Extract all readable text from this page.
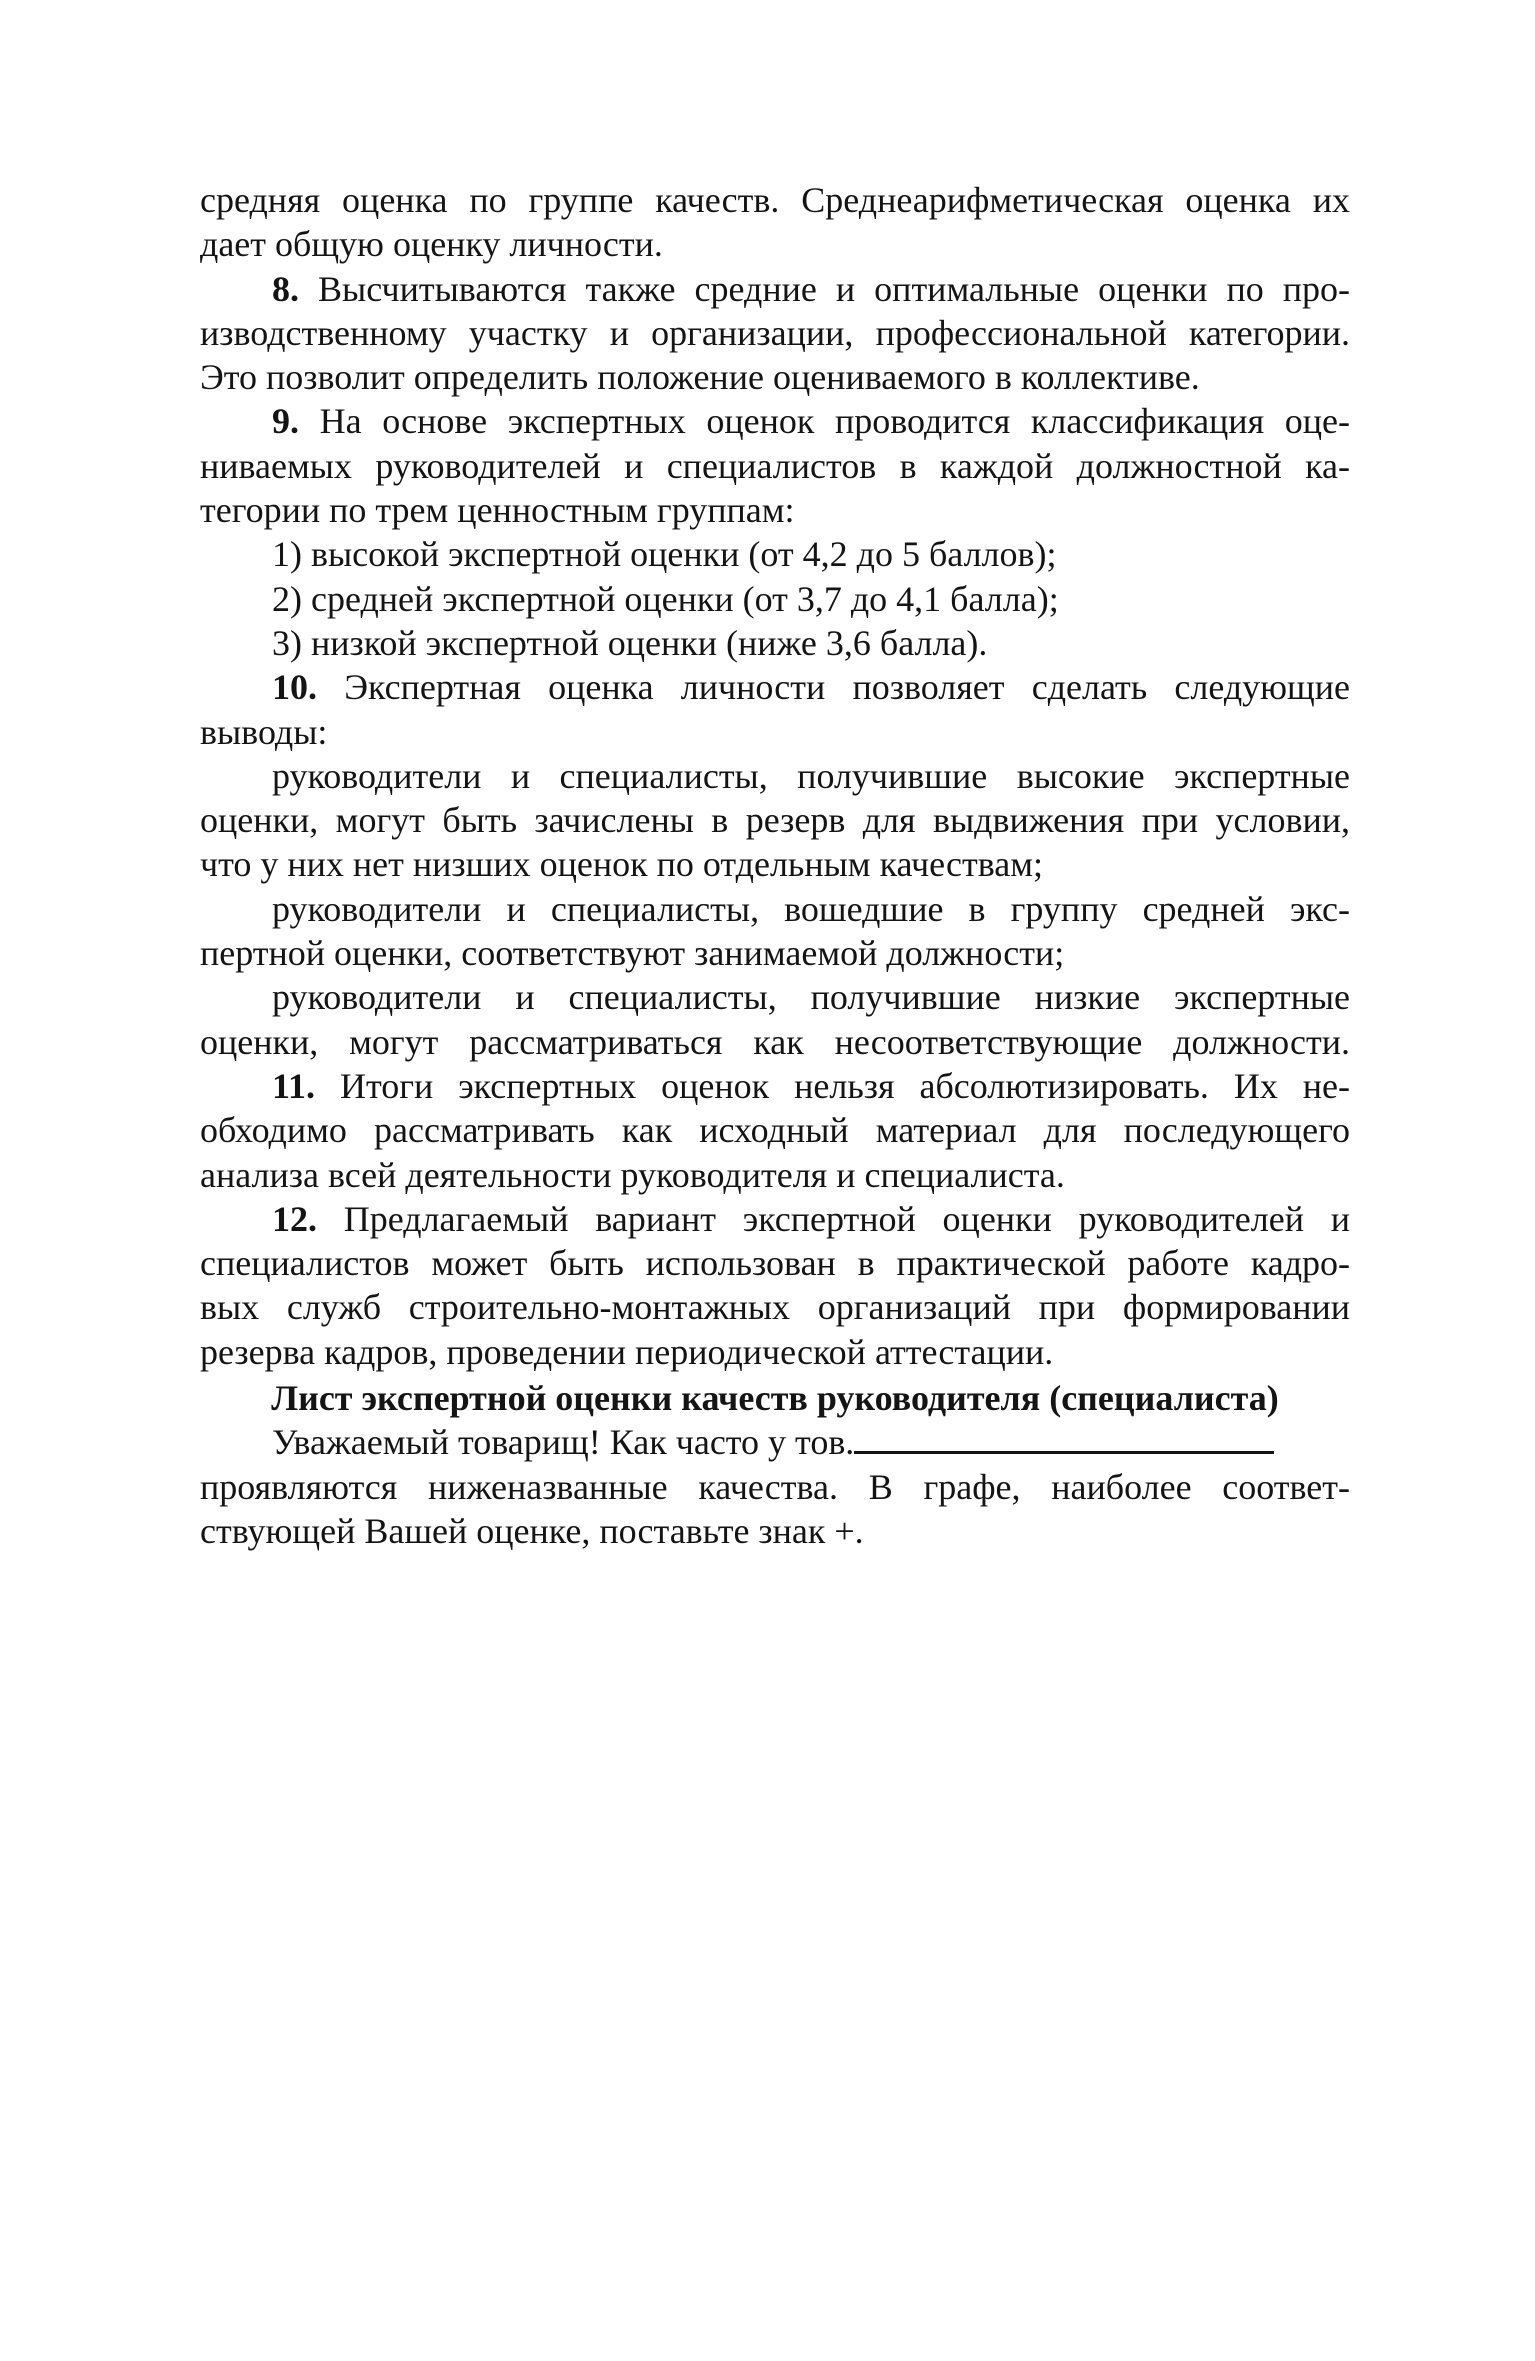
средняя оценка по группе качеств. Среднеарифметическая оценка их

дает общую оценку личности.

8. Высчитываются также средние и оптимальные оценки по про-

изводственному участку и организации, профессиональной категории.

Это позволит определить положение оцениваемого в коллективе.

9. На основе экспертных оценок проводится классификация оце-

ниваемых руководителей и специалистов в каждой должностной ка-

тегории по трем ценностным группам:

1) высокой экспертной оценки (от 4,2 до 5 баллов);

2) средней экспертной оценки (от 3,7 до 4,1 балла);

3) низкой экспертной оценки (ниже 3,6 балла).

10. Экспертная оценка личности позволяет сделать следующие

выводы:

руководители и специалисты, получившие высокие экспертные

оценки, могут быть зачислены в резерв для выдвижения при условии,

что у них нет низших оценок по отдельным качествам;

руководители и специалисты, вошедшие в группу средней экс-

пертной оценки, соответствуют занимаемой должности;

руководители и специалисты, получившие низкие экспертные

оценки, могут рассматриваться как несоответствующие должности.

11. Итоги экспертных оценок нельзя абсолютизировать. Их не-

обходимо рассматривать как исходный материал для последующего

анализа всей деятельности руководителя и специалиста.

12. Предлагаемый вариант экспертной оценки руководителей и

специалистов может быть использован в практической работе кадро-

вых служб строительно-монтажных организаций при формировании

резерва кадров, проведении периодической аттестации.

Лист экспертной оценки качеств руководителя (специалиста)

Уважаемый товарищ! Как часто у тов.

проявляются ниженазванные качества. В графе, наиболее соответ-

ствующей Вашей оценке, поставьте знак +.
